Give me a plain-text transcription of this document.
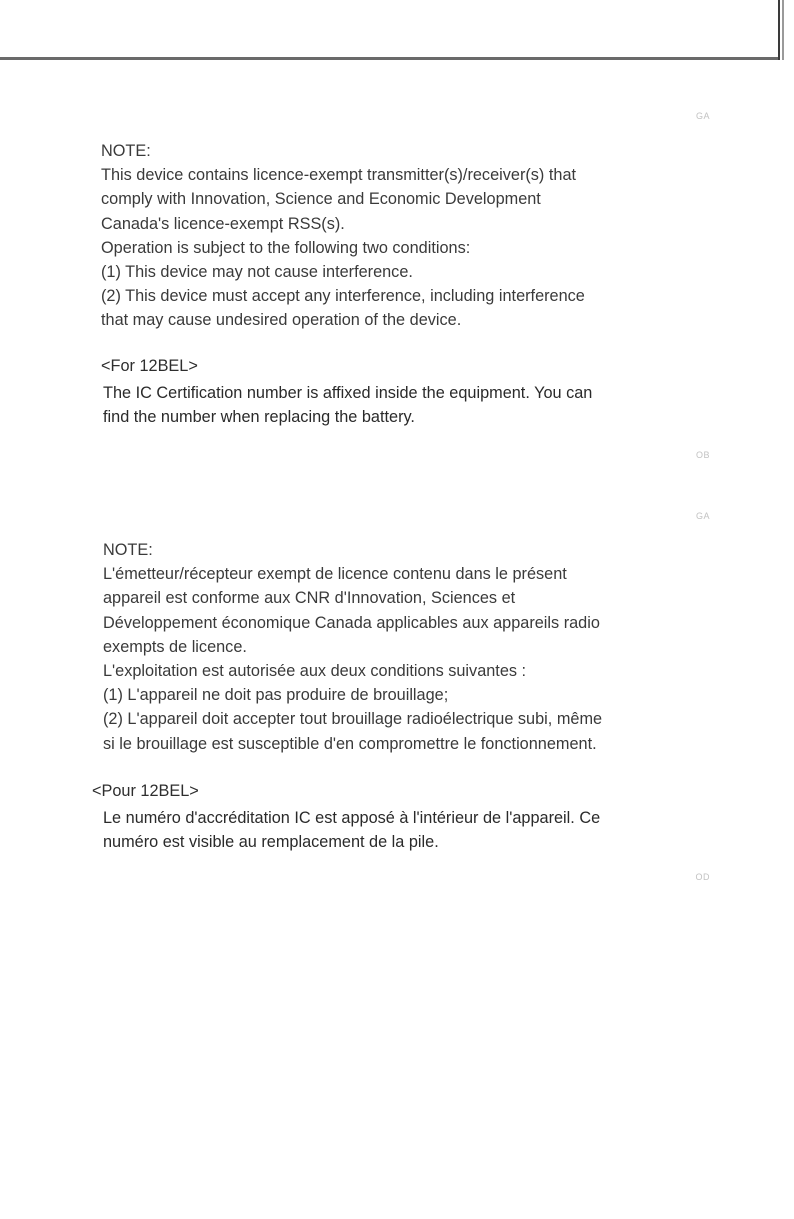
GA

NOTE:

This device contains licence-exempt transmitter(s)/receiver(s) that

comply with Innovation, Science and Economic Development

Canada's licence-exempt RSS(s).

Operation is subject to the following two conditions:

(1) This device may not cause interference.

(2) This device must accept any interference, including interference

that may cause undesired operation of the device.

<For 12BEL>

The IC Certification number is affixed inside the equipment. You can

find the number when replacing the battery.

OB
GA

NOTE:

L'émetteur/récepteur exempt de licence contenu dans le présent

appareil est conforme aux CNR d'Innovation, Sciences et

Développement économique Canada applicables aux appareils radio

exempts de licence.

L'exploitation est autorisée aux deux conditions suivantes :

(1) L'appareil ne doit pas produire de brouillage;

(2) L'appareil doit accepter tout brouillage radioélectrique subi, même

si le brouillage est susceptible d'en compromettre le fonctionnement.

<Pour 12BEL>

Le numéro d'accréditation IC est apposé à l'intérieur de l'appareil. Ce

numéro est visible au remplacement de la pile.

OD
